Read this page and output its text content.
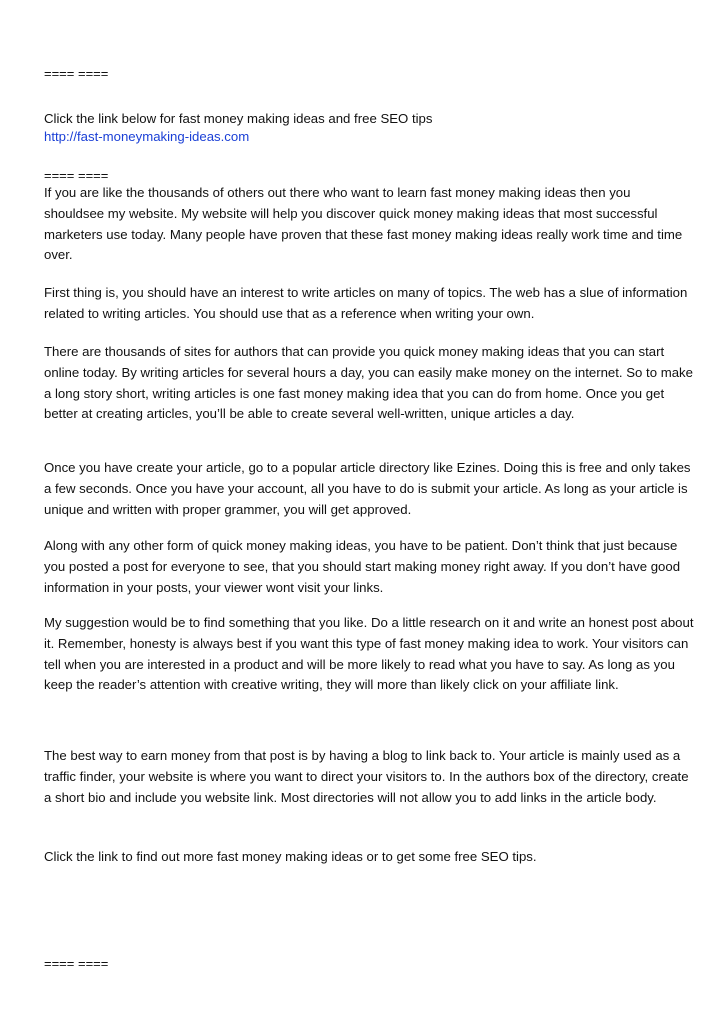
==== ====
Click the link below for fast money making ideas and free SEO tips
http://fast-moneymaking-ideas.com
==== ====

If you are like the thousands of others out there who want to learn fast money making ideas then you shouldsee my website. My website will help you discover quick money making ideas that most successful marketers use today. Many people have proven that these fast money making ideas really work time and time over.

First thing is, you should have an interest to write articles on many of topics. The web has a slue of information related to writing articles. You should use that as a reference when writing your own.

There are thousands of sites for authors that can provide you quick money making ideas that you can start online today. By writing articles for several hours a day, you can easily make money on the internet. So to make a long story short, writing articles is one fast money making idea that you can do from home. Once you get better at creating articles, you’ll be able to create several well-written, unique articles a day.

Once you have create your article, go to a popular article directory like Ezines. Doing this is free and only takes a few seconds. Once you have your account, all you have to do is submit your article. As long as your article is unique and written with proper grammer, you will get approved.

Along with any other form of quick money making ideas, you have to be patient. Don’t think that just because you posted a post for everyone to see, that you should start making money right away. If you don’t have good information in your posts, your viewer wont visit your links.

My suggestion would be to find something that you like. Do a little research on it and write an honest post about it. Remember, honesty is always best if you want this type of fast money making idea to work. Your visitors can tell when you are interested in a product and will be more likely to read what you have to say. As long as you keep the reader’s attention with creative writing, they will more than likely click on your affiliate link.

The best way to earn money from that post is by having a blog to link back to. Your article is mainly used as a traffic finder, your website is where you want to direct your visitors to. In the authors box of the directory, create a short bio and include you website link. Most directories will not allow you to add links in the article body.

Click the link to find out more fast money making ideas or to get some free SEO tips.

==== ====
